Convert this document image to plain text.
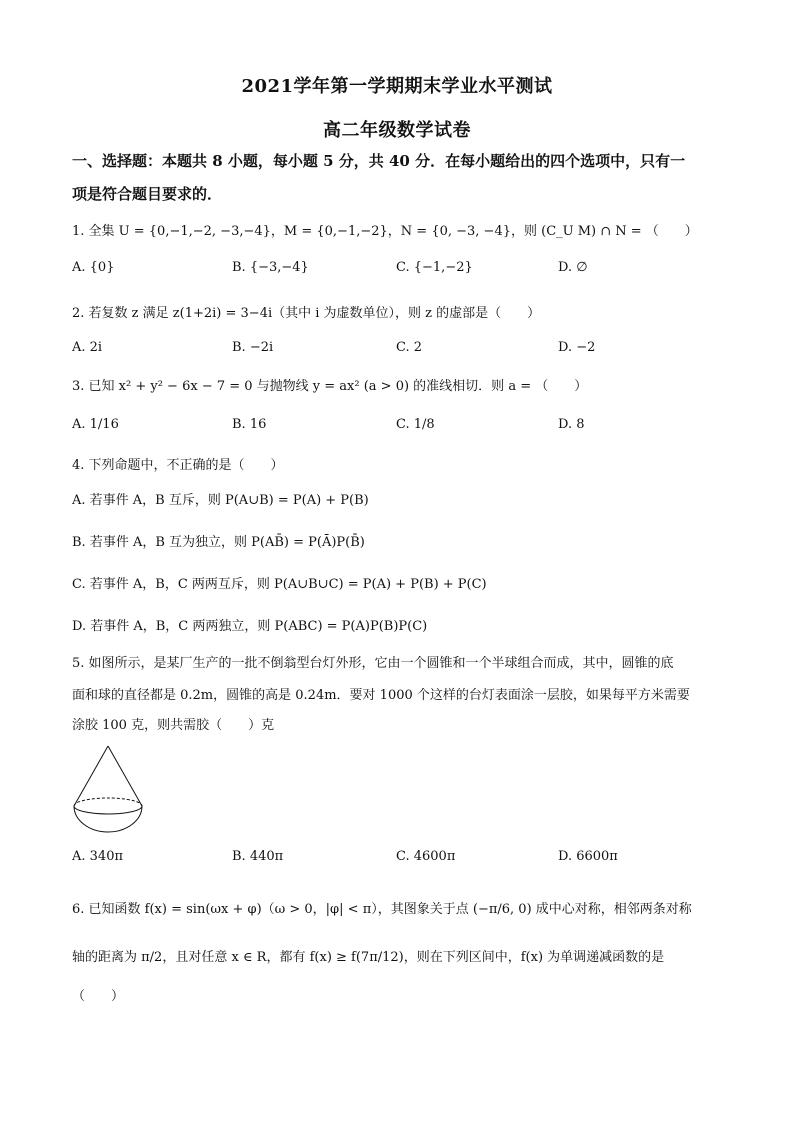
2021学年第一学期期末学业水平测试
高二年级数学试卷
一、选择题：本题共 8 小题，每小题 5 分，共 40 分．在每小题给出的四个选项中，只有一
项是符合题目要求的．
1. 全集 U = {0,−1,−2, −3,−4}，M = {0,−1,−2}，N = {0, −3, −4}，则 (C_U M) ∩ N = （　　）
A. {0}	B. {−3,−4}	C. {−1,−2}	D. ∅
2. 若复数 z 满足 z(1+2i) = 3−4i（其中 i 为虚数单位），则 z 的虚部是（　　）
A. 2i	B. −2i	C. 2	D. −2
3. 已知 x² + y² − 6x − 7 = 0 与抛物线 y = ax² (a > 0) 的准线相切．则 a = （　　）
A. 1/16	B. 16	C. 1/8	D. 8
4. 下列命题中，不正确的是（　　）
A. 若事件 A，B 互斥，则 P(A∪B) = P(A) + P(B)
B. 若事件 A，B 互为独立，则 P(AB̄) = P(Ā)P(B̄)
C. 若事件 A，B，C 两两互斥，则 P(A∪B∪C) = P(A) + P(B) + P(C)
D. 若事件 A，B，C 两两独立，则 P(ABC) = P(A)P(B)P(C)
5. 如图所示，是某厂生产的一批不倒翁型台灯外形，它由一个圆锥和一个半球组合而成，其中，圆锥的底
面和球的直径都是 0.2m，圆锥的高是 0.24m．要对 1000 个这样的台灯表面涂一层胶，如果每平方米需要
涂胶 100 克，则共需胶（　　）克
A. 340π	B. 440π	C. 4600π	D. 6600π
6. 已知函数 f(x) = sin(ωx + φ)（ω > 0，|φ| < π），其图象关于点 (−π/6, 0) 成中心对称，相邻两条对称
轴的距离为 π/2，且对任意 x ∈ R，都有 f(x) ≥ f(7π/12)，则在下列区间中，f(x) 为单调递减函数的是
（　　）
